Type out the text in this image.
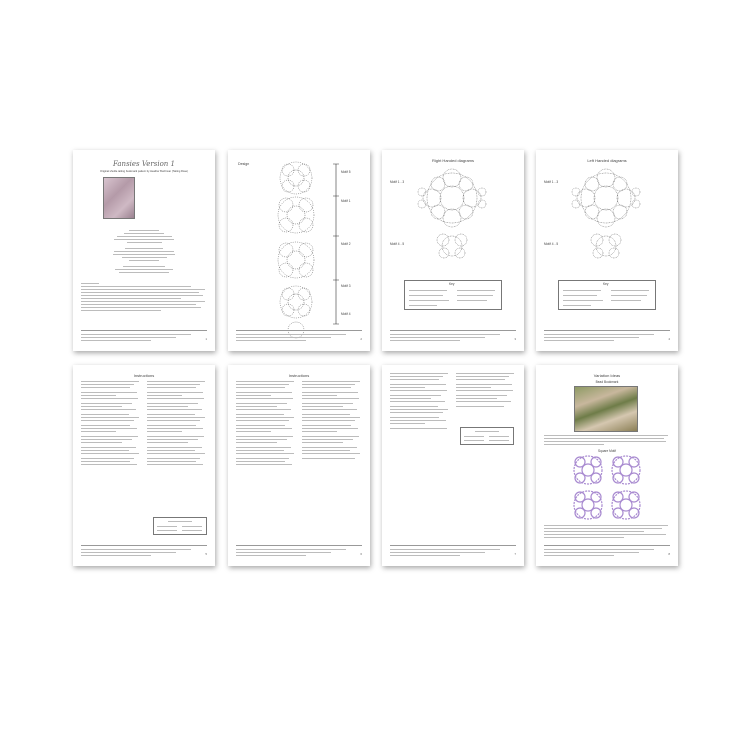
Fansies Version 1
Original shuttle tatting bookmark pattern by Heather Buchman (Tatting Rose)
1
Design
Motif 5
Motif 1
Motif 2
Motif 3
Motif 4
2
Right Handed diagrams
Motif 1 - 3
Motif 4 - 5
Key
3
Left Handed diagrams
Motif 1 - 3
Motif 4 - 5
Key
4
Instructions
5
Instructions
6	7
Variation Ideas
Bead Bookmark
Square Motif
8
